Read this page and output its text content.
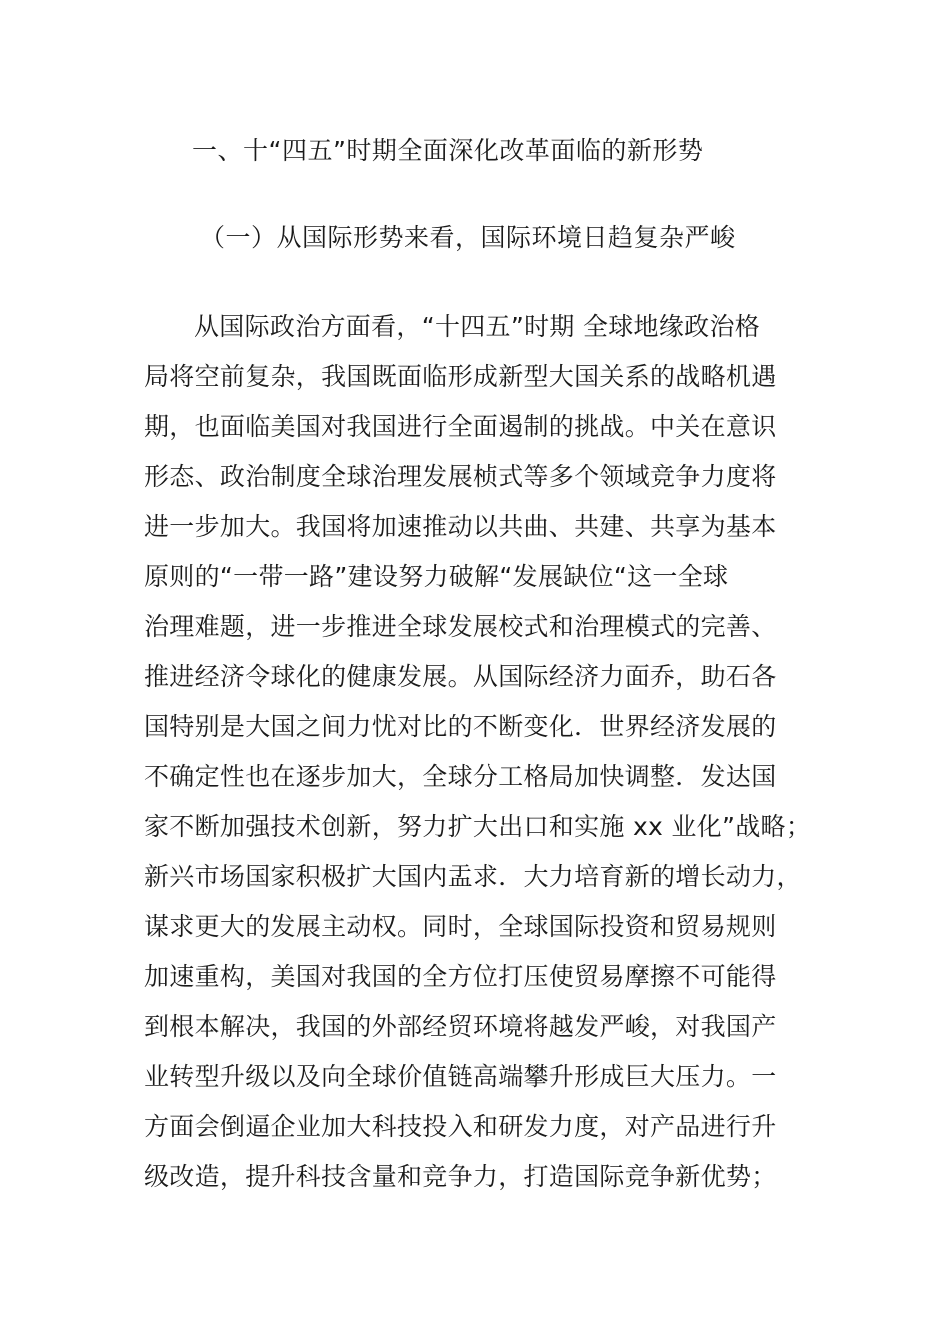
一、十“四五”时期全面深化改革面临的新形势
（一）从国际形势来看，国际环境日趋复杂严峻
从国际政治方面看，“十四五”时期 全球地缘政治格
局将空前复杂，我国既面临形成新型大国关系的战略机遇
期，也面临美国对我国进行全面遏制的挑战。中关在意识
形态、政治制度全球治理发展桢式等多个领域竞争力度将
进一步加大。我国将加速推动以共曲、共建、共享为基本
原则的“一带一路”建设努力破解“发展缺位“这一全球
治理难题，进一步推进全球发展校式和治理模式的完善、
推进经济令球化的健康发展。从国际经济力面乔，助石各
国特别是大国之间力忧对比的不断变化．世界经济发展的
不确定性也在逐步加大，全球分工格局加快调整．发达国
家不断加强技术创新，努力扩大出口和实施 xx 业化”战略；
新兴市场国家积极扩大国内盂求．大力培育新的增长动力，
谋求更大的发展主动权。同时，全球国际投资和贸易规则
加速重构，美国对我国的全方位打压使贸易摩擦不可能得
到根本解决，我国的外部经贸环境将越发严峻，对我国产
业转型升级以及向全球价值链高端攀升形成巨大压力。一
方面会倒逼企业加大科技投入和研发力度，对产品进行升
级改造，提升科技含量和竞争力，打造国际竞争新优势；
